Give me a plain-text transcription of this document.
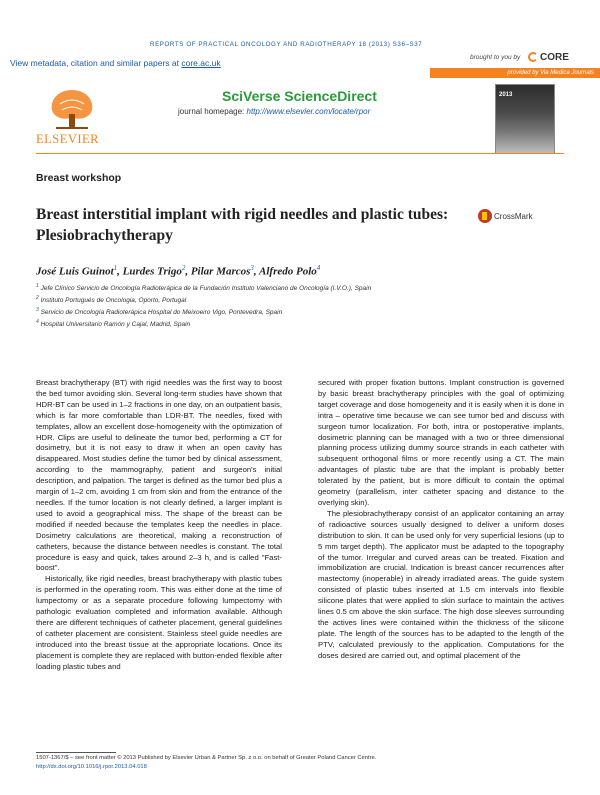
REPORTS OF PRACTICAL ONCOLOGY AND RADIOTHERAPY 18 (2013) S36–S37
View metadata, citation and similar papers at core.ac.uk
brought to you by	CORE
provided by Via Medica Journals
ELSEVIER
SciVerse ScienceDirect
journal homepage: http://www.elsevier.com/locate/rpor
2013
Breast workshop
Breast interstitial implant with rigid needles and plastic tubes: Plesiobrachytherapy
CrossMark
José Luis Guinot$^1$, Lurdes Trigo$^2$, Pilar Marcos$^3$, Alfredo Polo$^4$
$^1$ Jefe Clínico Servicio de Oncología Radioterápica de la Fundación Instituto Valenciano de Oncología (I.V.O.), Spain
$^2$ Instituto Portugués de Oncologia, Oporto, Portugal
$^3$ Servicio de Oncología Radioterápica Hospital do Meixoeiro Vigo, Pontevedra, Spain
$^4$ Hospital Universitario Ramón y Cajal, Madrid, Spain

Breast brachytherapy (BT) with rigid needles was the first way to boost the bed tumor avoiding skin. Several long-term studies have shown that HDR-BT can be used in 1–2 fractions in one day, on an outpatient basis, which is far more comfortable than LDR-BT. The needles, fixed with templates, allow an excellent dose-homogeneity with the optimization of HDR. Clips are useful to delineate the tumor bed, performing a CT for dosimetry, but it is not easy to draw it when an open cavity has disappeared. Most studies define the tumor bed by clinical assessment, according to the mammography, patient and surgeon's initial description, and palpation. The target is defined as the tumor bed plus a margin of 1–2 cm, avoiding 1 cm from skin and from the entrance of the needles. If the tumor location is not clearly defined, a larger implant is used to avoid a geographical miss. The shape of the breast can be modified if needed because the templates keep the needles in place. Dosimetry calculations are theoretical, making a reconstruction of catheters, because the distance between needles is constant. The total procedure is easy and quick, takes around 2–3 h, and is called "Fast-boost".

Historically, like rigid needles, breast brachytherapy with plastic tubes is performed in the operating room. This was either done at the time of lumpectomy or as a separate procedure following lumpectomy with pathologic evaluation completed and information available. Although there are different techniques of catheter placement, general guidelines of catheter placement are consistent. Stainless steel guide needles are introduced into the breast tissue at the appropriate locations. Once its placement is complete they are replaced with button-ended flexible after loading plastic tubes and

secured with proper fixation buttons. Implant construction is governed by basic breast brachytherapy principles with the goal of optimizing target coverage and dose homogeneity and it is easily when it is done in intra – operative time because we can see tumor bed and discuss with surgeon tumor localization. For both, intra or postoperative implants, dosimetric planning can be managed with a two or three dimensional planning process utilizing dummy source strands in each catheter with subsequent orthogonal films or more recently using a CT. The main advantages of plastic tube are that the implant is probably better tolerated by the patient, but is more difficult to contain the optimal geometry (parallelism, inter catheter spacing and distance to the overlying skin).

The plesiobrachytherapy consist of an applicator containing an array of radioactive sources usually designed to deliver a uniform doses distribution to skin. It can be used only for very superficial lesions (up to 5 mm target depth). The applicator must be adapted to the topography of the tumor. Irregular and curved areas can be treated. Fixation and immobilization are crucial. Indication is breast cancer recurrences after mastectomy (inoperable) in already irradiated areas. The guide system consisted of plastic tubes inserted at 1.5 cm intervals into flexible silicone plates that were applied to skin surface to maintain the actives lines 0.5 cm above the skin surface. The high dose sleeves surrounding the actives lines were contained within the thickness of the silicone plate. The length of the sources has to be adapted to the length of the PTV, calculated previously to the application. Computations for the doses desired are carried out, and optimal placement of the

1507-1367/$ – see front matter © 2013 Published by Elsevier Urban & Partner Sp. z o.o. on behalf of Greater Poland Cancer Centre.
http://dx.doi.org/10.1016/j.rpor.2013.04.018
